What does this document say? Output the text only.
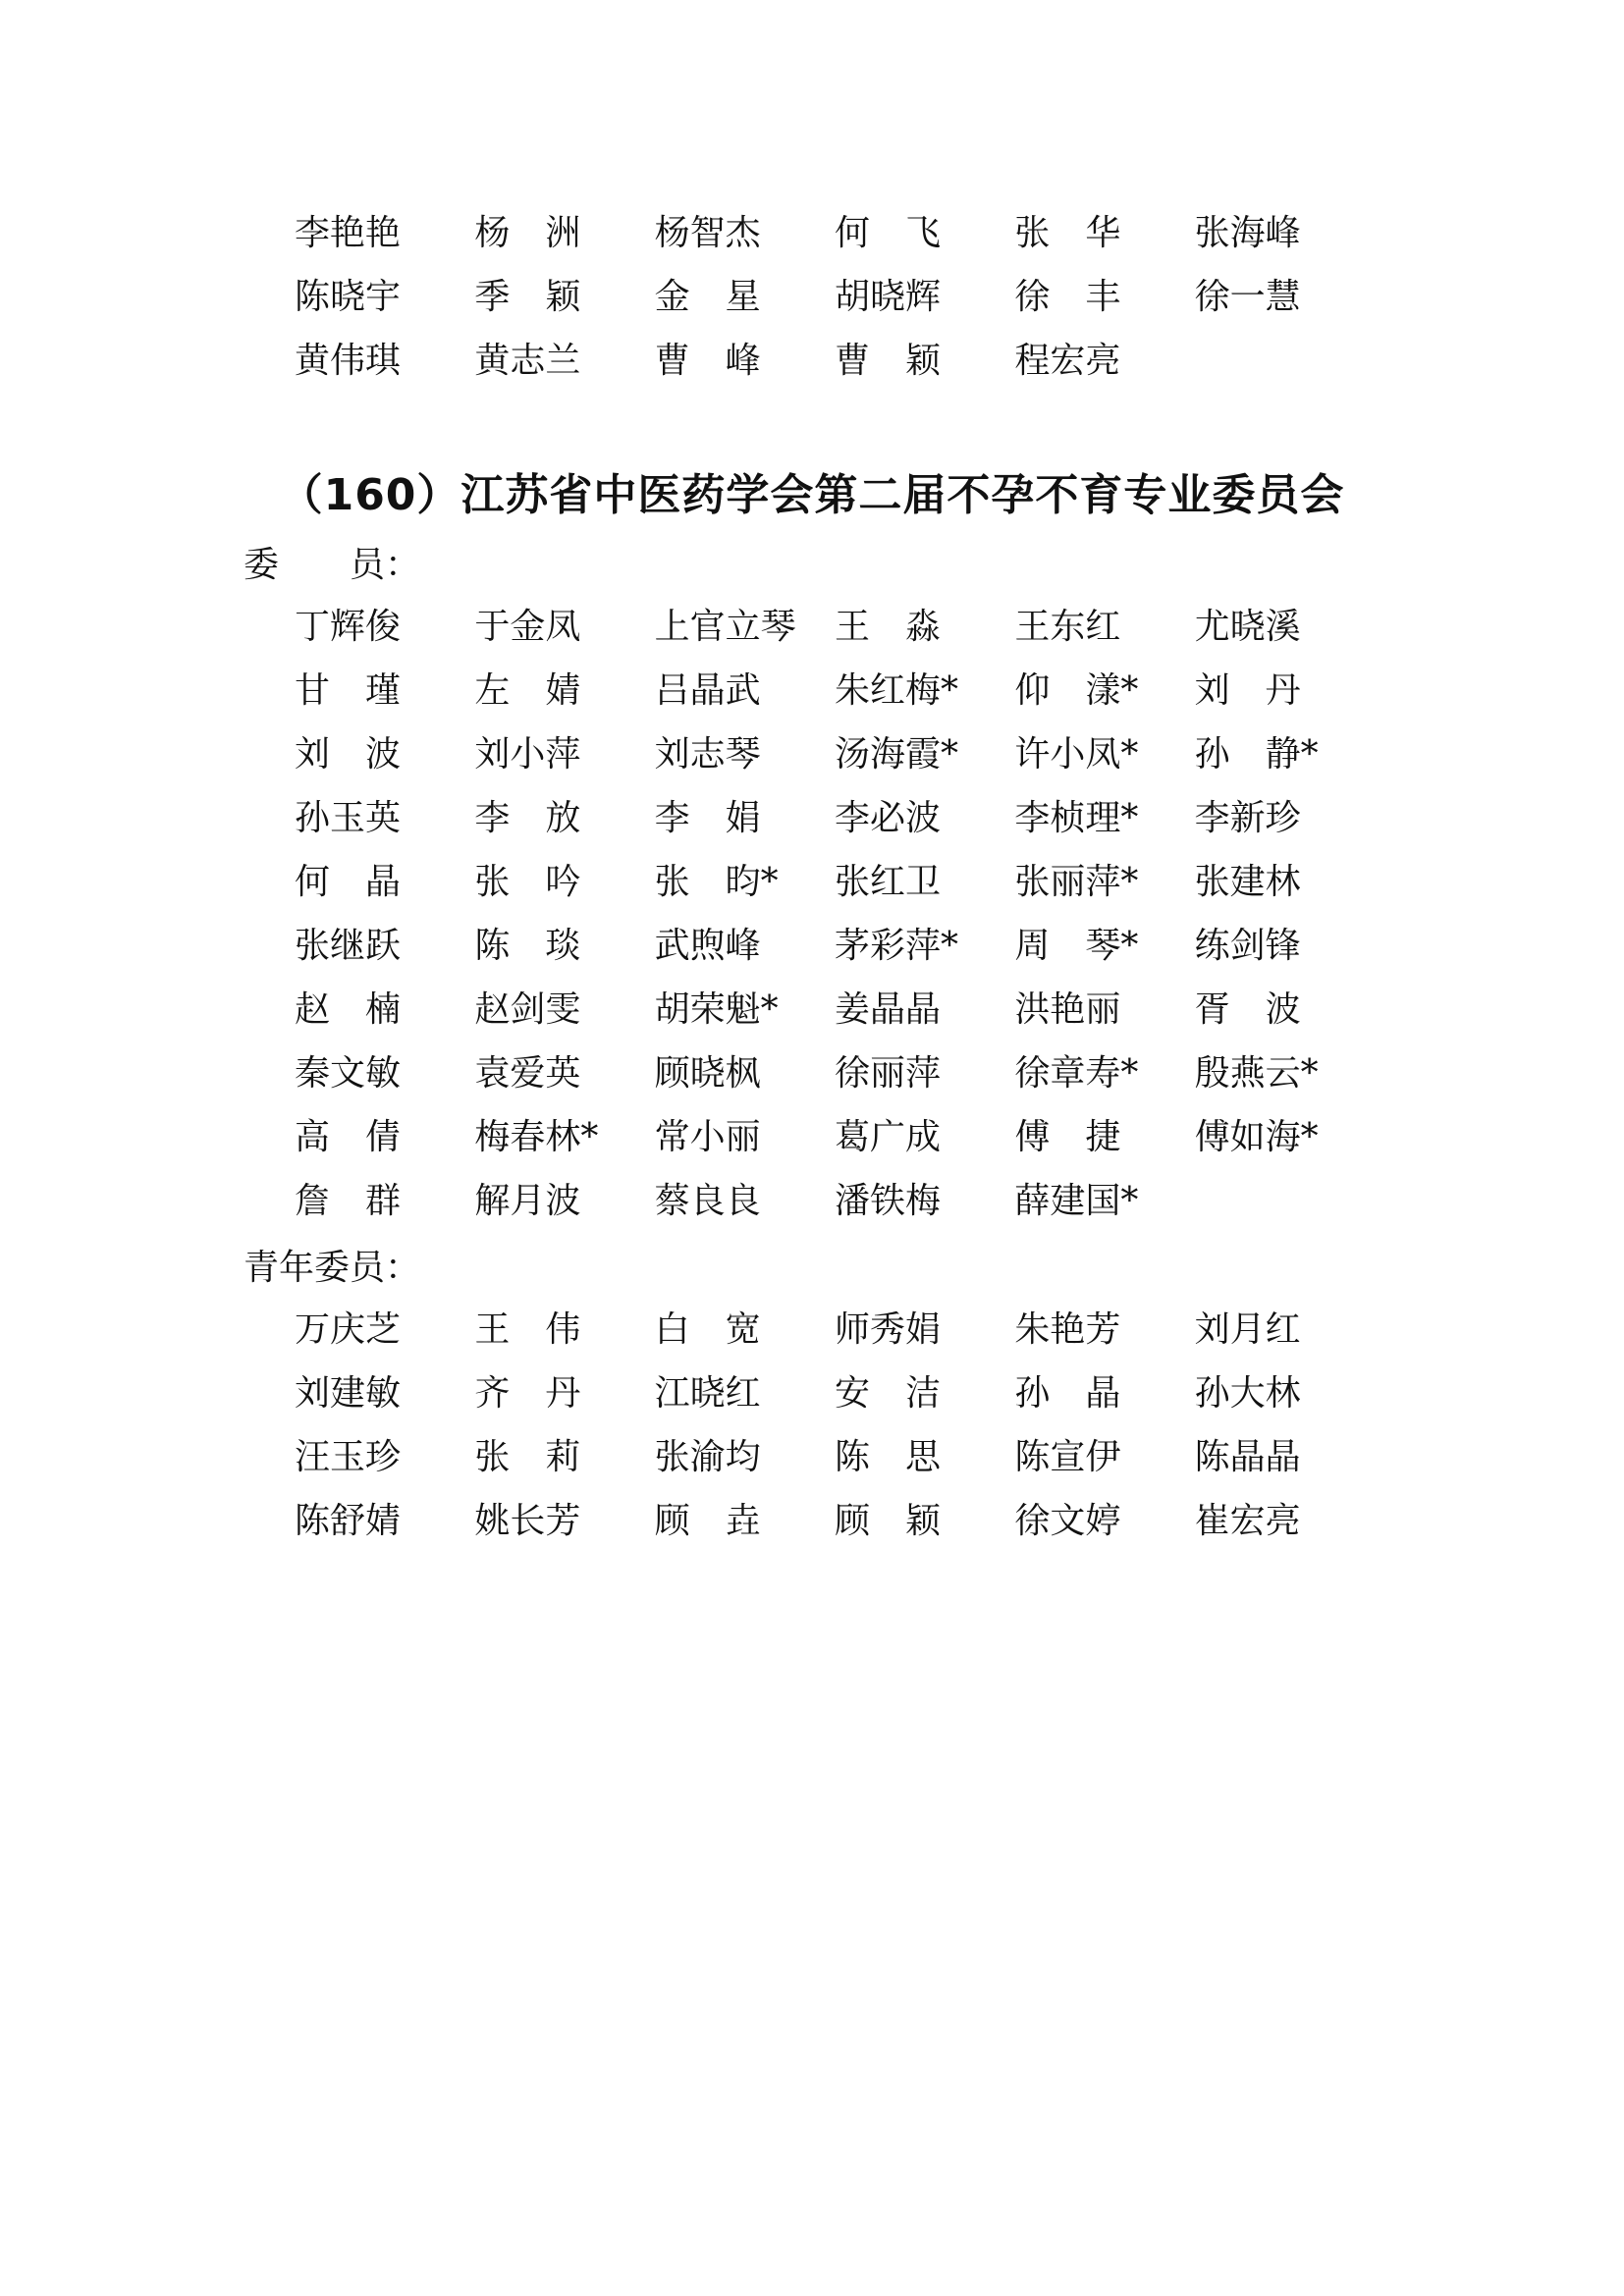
李艳艳	杨　洲	杨智杰	何　飞	张　华	张海峰
陈晓宇	季　颖	金　星	胡晓辉	徐　丰	徐一慧
黄伟琪	黄志兰	曹　峰	曹　颖	程宏亮
（160）江苏省中医药学会第二届不孕不育专业委员会
委　　员：
丁辉俊	于金凤	上官立琴	王　淼	王东红	尤晓溪
甘　瑾	左　婧	吕晶武	朱红梅*	仰　漾*	刘　丹
刘　波	刘小萍	刘志琴	汤海霞*	许小凤*	孙　静*
孙玉英	李　放	李　娟	李必波	李桢理*	李新珍
何　晶	张　吟	张　昀*	张红卫	张丽萍*	张建林
张继跃	陈　琰	武煦峰	茅彩萍*	周　琴*	练剑锋
赵　楠	赵剑雯	胡荣魁*	姜晶晶	洪艳丽	胥　波
秦文敏	袁爱英	顾晓枫	徐丽萍	徐章寿*	殷燕云*
高　倩	梅春林*	常小丽	葛广成	傅　捷	傅如海*
詹　群	解月波	蔡良良	潘铁梅	薛建国*
青年委员：
万庆芝	王　伟	白　宽	师秀娟	朱艳芳	刘月红
刘建敏	齐　丹	江晓红	安　洁	孙　晶	孙大林
汪玉珍	张　莉	张渝均	陈　思	陈宣伊	陈晶晶
陈舒婧	姚长芳	顾　垚	顾　颖	徐文婷	崔宏亮
